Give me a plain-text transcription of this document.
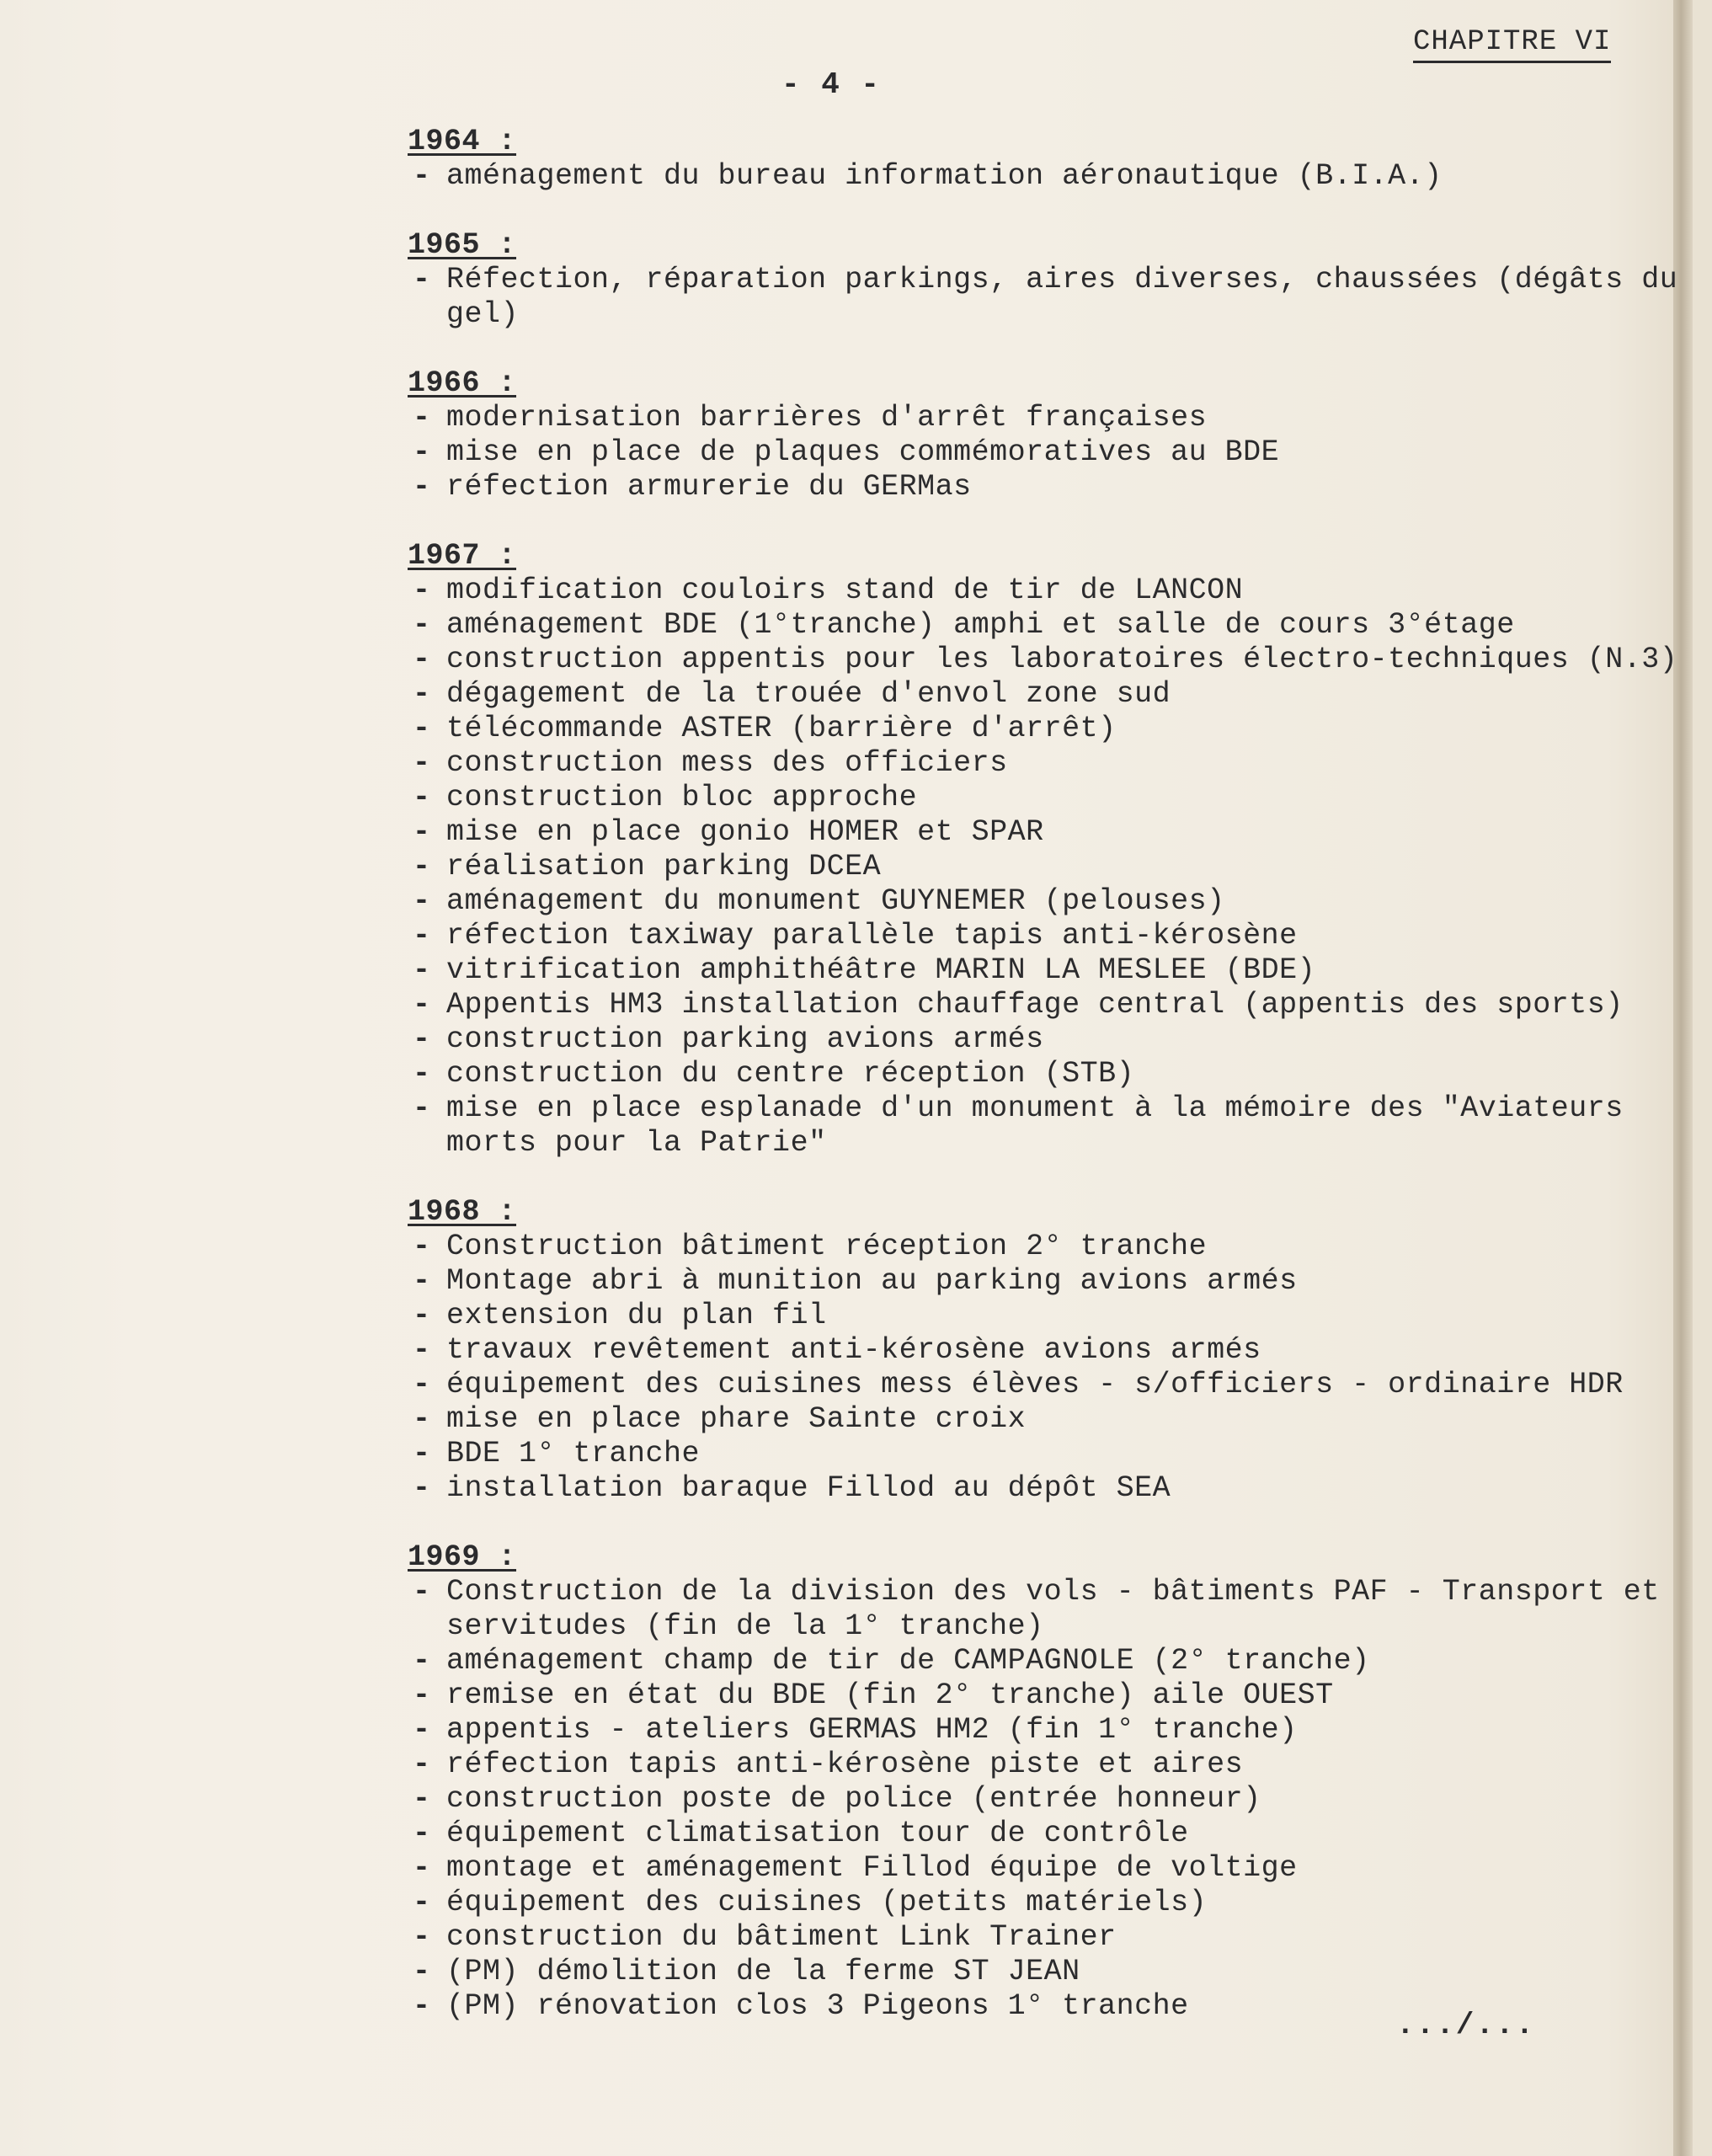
CHAPITRE VI
- 4 -
1964 :
- aménagement du bureau information aéronautique (B.I.A.)
1965 :
- Réfection, réparation parkings, aires diverses, chaussées (dégâts du gel)
1966 :
- modernisation barrières d'arrêt françaises
- mise en place de plaques commémoratives au BDE
- réfection armurerie du GERMas
1967 :
- modification couloirs stand de tir de LANCON
- aménagement BDE (1°tranche) amphi et salle de cours 3°étage
- construction appentis pour les laboratoires électro-techniques (N.3)
- dégagement de la trouée d'envol zone sud
- télécommande ASTER (barrière d'arrêt)
- construction mess des officiers
- construction bloc approche
- mise en place gonio HOMER et SPAR
- réalisation parking DCEA
- aménagement du monument GUYNEMER (pelouses)
- réfection taxiway parallèle tapis anti-kérosène
- vitrification amphithéâtre MARIN LA MESLEE (BDE)
- Appentis HM3 installation chauffage central (appentis des sports)
- construction parking avions armés
- construction du centre réception (STB)
- mise en place esplanade d'un monument à la mémoire des "Aviateurs morts pour la Patrie"
1968 :
- Construction bâtiment réception 2° tranche
- Montage abri à munition au parking avions armés
- extension du plan fil
- travaux revêtement anti-kérosène avions armés
- équipement des cuisines mess élèves - s/officiers - ordinaire HDR
- mise en place phare Sainte croix
- BDE 1° tranche
- installation baraque Fillod au dépôt SEA
1969 :
- Construction de la division des vols - bâtiments PAF - Transport et servitudes (fin de la 1° tranche)
- aménagement champ de tir de CAMPAGNOLE (2° tranche)
- remise en état du BDE (fin 2° tranche) aile OUEST
- appentis - ateliers GERMAS HM2 (fin 1° tranche)
- réfection tapis anti-kérosène piste et aires
- construction poste de police (entrée honneur)
- équipement climatisation tour de contrôle
- montage et aménagement Fillod équipe de voltige
- équipement des cuisines (petits matériels)
- construction du bâtiment Link Trainer
- (PM) démolition de la ferme ST JEAN
- (PM) rénovation clos 3 Pigeons 1° tranche
.../...
